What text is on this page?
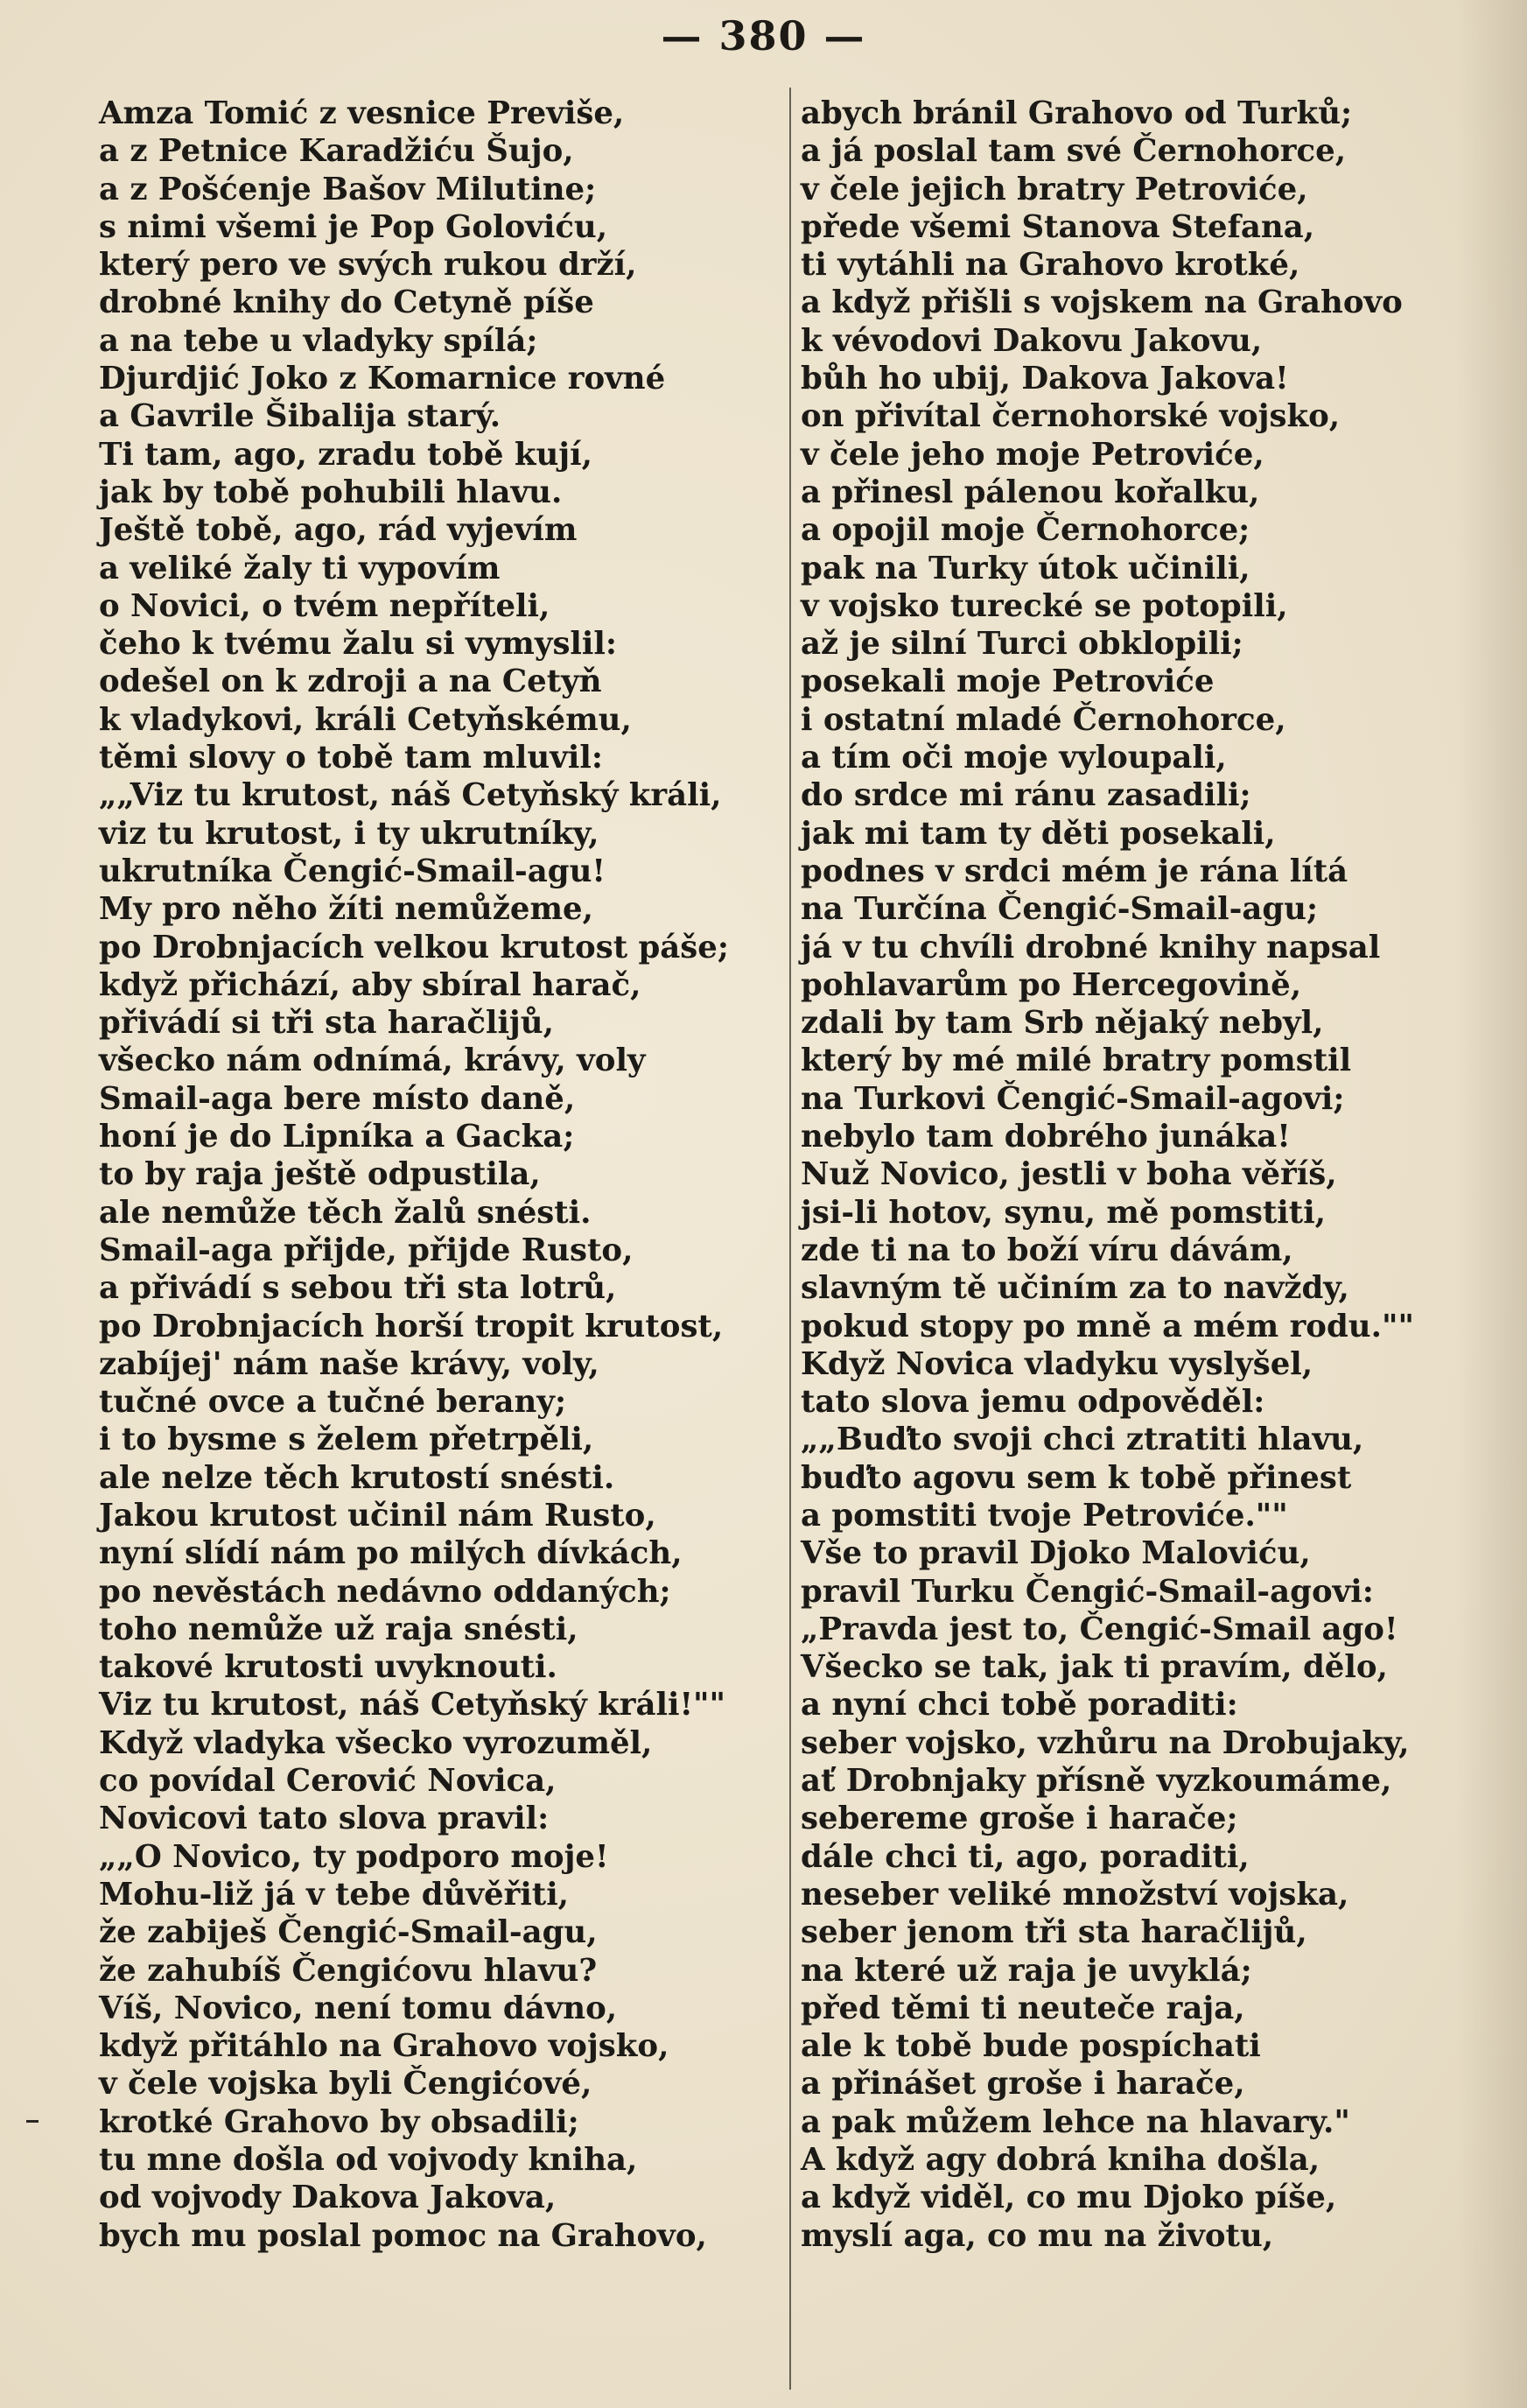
— 380 —
Amza Tomić z vesnice Previše,
a z Petnice Karadžiću Šujo,
a z Pošćenje Bašov Milutine;
s nimi všemi je Pop Goloviću,
který pero ve svých rukou drží,
drobné knihy do Cetyně píše
a na tebe u vladyky spílá;
Djurdjić Joko z Komarnice rovné
a Gavrile Šibalija starý.
Ti tam, ago, zradu tobě kují,
jak by tobě pohubili hlavu.
Ještě tobě, ago, rád vyjevím
a veliké žaly ti vypovím
o Novici, o tvém nepříteli,
čeho k tvému žalu si vymyslil:
odešel on k zdroji a na Cetyň
k vladykovi, králi Cetyňskému,
těmi slovy o tobě tam mluvil:
„„Viz tu krutost, náš Cetyňský králi,
viz tu krutost, i ty ukrutníky,
ukrutníka Čengić-Smail-agu!
My pro něho žíti nemůžeme,
po Drobnjacích velkou krutost páše;
když přichází, aby sbíral harač,
přivádí si tři sta haračlijů,
všecko nám odnímá, krávy, voly
Smail-aga bere místo daně,
honí je do Lipníka a Gacka;
to by raja ještě odpustila,
ale nemůže těch žalů snésti.
Smail-aga přijde, přijde Rusto,
a přivádí s sebou tři sta lotrů,
po Drobnjacích horší tropit krutost,
zabíjej' nám naše krávy, voly,
tučné ovce a tučné berany;
i to bysme s želem přetrpěli,
ale nelze těch krutostí snésti.
Jakou krutost učinil nám Rusto,
nyní slídí nám po milých dívkách,
po nevěstách nedávno oddaných;
toho nemůže už raja snésti,
takové krutosti uvyknouti.
Viz tu krutost, náš Cetyňský králi!""
Když vladyka všecko vyrozuměl,
co povídal Cerović Novica,
Novicovi tato slova pravil:
„„O Novico, ty podporo moje!
Mohu-liž já v tebe důvěřiti,
že zabiješ Čengić-Smail-agu,
že zahubíš Čengićovu hlavu?
Víš, Novico, není tomu dávno,
když přitáhlo na Grahovo vojsko,
v čele vojska byli Čengićové,
krotké Grahovo by obsadili;
tu mne došla od vojvody kniha,
od vojvody Dakova Jakova,
bych mu poslal pomoc na Grahovo,
abych bránil Grahovo od Turků;
a já poslal tam své Černohorce,
v čele jejich bratry Petroviće,
přede všemi Stanova Stefana,
ti vytáhli na Grahovo krotké,
a když přišli s vojskem na Grahovo
k vévodovi Dakovu Jakovu,
bůh ho ubij, Dakova Jakova!
on přivítal černohorské vojsko,
v čele jeho moje Petroviće,
a přinesl pálenou kořalku,
a opojil moje Černohorce;
pak na Turky útok učinili,
v vojsko turecké se potopili,
až je silní Turci obklopili;
posekali moje Petroviće
i ostatní mladé Černohorce,
a tím oči moje vyloupali,
do srdce mi ránu zasadili;
jak mi tam ty děti posekali,
podnes v srdci mém je rána lítá
na Turčína Čengić-Smail-agu;
já v tu chvíli drobné knihy napsal
pohlavarům po Hercegovině,
zdali by tam Srb nějaký nebyl,
který by mé milé bratry pomstil
na Turkovi Čengić-Smail-agovi;
nebylo tam dobrého junáka!
Nuž Novico, jestli v boha věříš,
jsi-li hotov, synu, mě pomstiti,
zde ti na to boží víru dávám,
slavným tě učiním za to navždy,
pokud stopy po mně a mém rodu.""
Když Novica vladyku vyslyšel,
tato slova jemu odpověděl:
„„Buďto svoji chci ztratiti hlavu,
buďto agovu sem k tobě přinest
a pomstiti tvoje Petroviće.""
Vše to pravil Djoko Maloviću,
pravil Turku Čengić-Smail-agovi:
„Pravda jest to, Čengić-Smail ago!
Všecko se tak, jak ti pravím, dělo,
a nyní chci tobě poraditi:
seber vojsko, vzhůru na Drobujaky,
ať Drobnjaky přísně vyzkoumáme,
sebereme groše i harače;
dále chci ti, ago, poraditi,
neseber veliké množství vojska,
seber jenom tři sta haračlijů,
na které už raja je uvyklá;
před těmi ti neuteče raja,
ale k tobě bude pospíchati
a přinášet groše i harače,
a pak můžem lehce na hlavary."
A když agy dobrá kniha došla,
a když viděl, co mu Djoko píše,
myslí aga, co mu na životu,
